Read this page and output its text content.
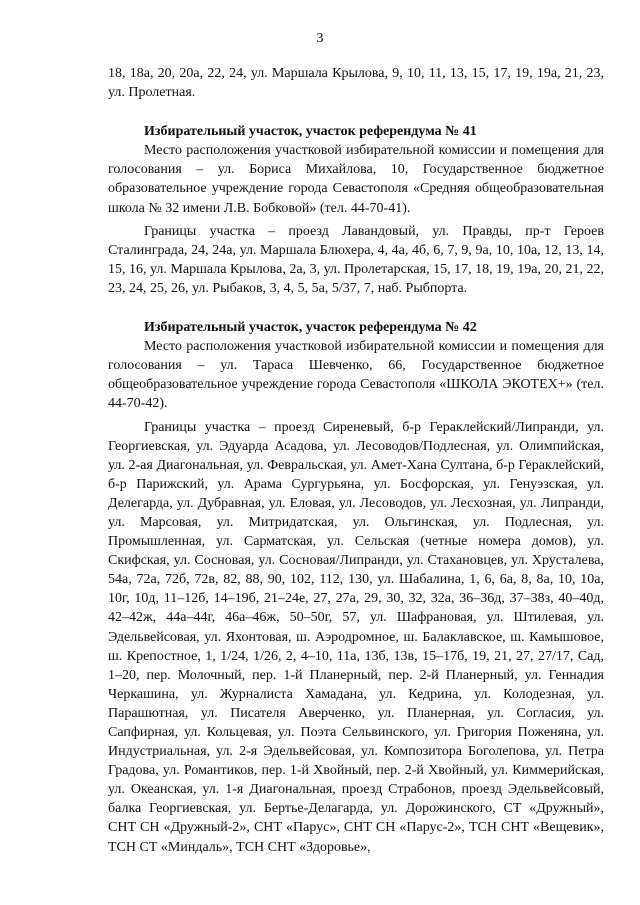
3

18, 18а, 20, 20а, 22, 24, ул. Маршала Крылова, 9, 10, 11, 13, 15, 17, 19, 19а, 21, 23, ул. Пролетная.

Избирательный участок, участок референдума № 41

Место расположения участковой избирательной комиссии и помещения для голосования – ул. Бориса Михайлова, 10, Государственное бюджетное образовательное учреждение города Севастополя «Средняя общеобразовательная школа № 32 имени Л.В. Бобковой» (тел. 44-70-41).

Границы участка – проезд Лавандовый, ул. Правды, пр-т Героев Сталинграда, 24, 24а, ул. Маршала Блюхера, 4, 4а, 4б, 6, 7, 9, 9а, 10, 10а, 12, 13, 14, 15, 16, ул. Маршала Крылова, 2а, 3, ул. Пролетарская, 15, 17, 18, 19, 19а, 20, 21, 22, 23, 24, 25, 26, ул. Рыбаков, 3, 4, 5, 5а, 5/37, 7, наб. Рыбпорта.

Избирательный участок, участок референдума № 42

Место расположения участковой избирательной комиссии и помещения для голосования – ул. Тараса Шевченко, 66, Государственное бюджетное общеобразовательное учреждение города Севастополя «ШКОЛА ЭКОТЕХ+» (тел. 44-70-42).

Границы участка – проезд Сиреневый, б-р Гераклейский/Липранди, ул. Георгиевская, ул. Эдуарда Асадова, ул. Лесоводов/Подлесная, ул. Олимпийская, ул. 2-ая Диагональная, ул. Февральская, ул. Амет-Хана Султана, б-р Гераклейский, б-р Парижский, ул. Арама Сургурьяна, ул. Босфорская, ул. Генуэзская, ул. Делегарда, ул. Дубравная, ул. Еловая, ул. Лесоводов, ул. Лесхозная, ул. Липранди, ул. Марсовая, ул. Митридатская, ул. Ольгинская, ул. Подлесная, ул. Промышленная, ул. Сарматская, ул. Сельская (четные номера домов), ул. Скифская, ул. Сосновая, ул. Сосновая/Липранди, ул. Стахановцев, ул. Хрусталева, 54а, 72а, 72б, 72в, 82, 88, 90, 102, 112, 130, ул. Шабалина, 1, 6, 6а, 8, 8а, 10, 10а, 10г, 10д, 11–12б, 14–19б, 21–24е, 27, 27а, 29, 30, 32, 32а, 36–36д, 37–38з, 40–40д, 42–42ж, 44а–44г, 46а–46ж, 50–50г, 57, ул. Шафрановая, ул. Штилевая, ул. Эдельвейсовая, ул. Яхонтовая, ш. Аэродромное, ш. Балаклавское, ш. Камышовое, ш. Крепостное, 1, 1/24, 1/26, 2, 4–10, 11а, 13б, 13в, 15–17б, 19, 21, 27, 27/17, Сад, 1–20, пер. Молочный, пер. 1-й Планерный, пер. 2-й Планерный, ул. Геннадия Черкашина, ул. Журналиста Хамадана, ул. Кедрина, ул. Колодезная, ул. Парашютная, ул. Писателя Аверченко, ул. Планерная, ул. Согласия, ул. Сапфирная, ул. Кольцевая, ул. Поэта Сельвинского, ул. Григория Поженяна, ул. Индустриальная, ул. 2-я Эдельвейсовая, ул. Композитора Боголепова, ул. Петра Градова, ул. Романтиков, пер. 1-й Хвойный, пер. 2-й Хвойный, ул. Киммерийская, ул. Океанская, ул. 1-я Диагональная, проезд Страбонов, проезд Эдельвейсовый, балка Георгиевская, ул. Бертье-Делагарда, ул. Дорожинского, СТ «Дружный», СНТ СН «Дружный-2», СНТ «Парус», СНТ СН «Парус-2», ТСН СНТ «Вещевик», ТСН СТ «Миндаль», ТСН СНТ «Здоровье»,
